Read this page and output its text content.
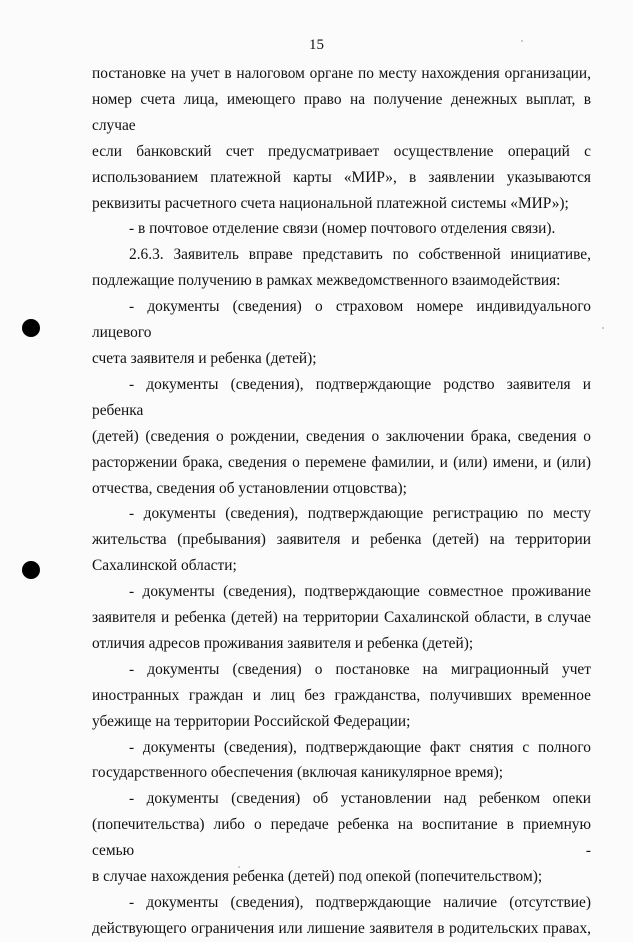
15

постановке на учет в налоговом органе по месту нахождения организации,

номер счета лица, имеющего право на получение денежных выплат, в случае

если банковский счет предусматривает осуществление операций с

использованием платежной карты «МИР», в заявлении указываются

реквизиты расчетного счета национальной платежной системы «МИР»);

- в почтовое отделение связи (номер почтового отделения связи).

2.6.3. Заявитель вправе представить по собственной инициативе,

подлежащие получению в рамках межведомственного взаимодействия:

- документы (сведения) о страховом номере индивидуального лицевого

счета заявителя и ребенка (детей);

- документы (сведения), подтверждающие родство заявителя и ребенка

(детей) (сведения о рождении, сведения о заключении брака, сведения о

расторжении брака, сведения о перемене фамилии, и (или) имени, и (или)

отчества, сведения об установлении отцовства);

- документы (сведения), подтверждающие регистрацию по месту

жительства (пребывания) заявителя и ребенка (детей) на территории

Сахалинской области;

- документы (сведения), подтверждающие совместное проживание

заявителя и ребенка (детей) на территории Сахалинской области, в случае

отличия адресов проживания заявителя и ребенка (детей);

- документы (сведения) о постановке на миграционный учет

иностранных граждан и лиц без гражданства, получивших временное

убежище на территории Российской Федерации;

- документы (сведения), подтверждающие факт снятия с полного

государственного обеспечения (включая каникулярное время);

- документы (сведения) об установлении над ребенком опеки

(попечительства) либо о передаче ребенка на воспитание в приемную семью -

в случае нахождения ребенка (детей) под опекой (попечительством);

- документы (сведения), подтверждающие наличие (отсутствие)

действующего ограничения или лишение заявителя в родительских правах,
